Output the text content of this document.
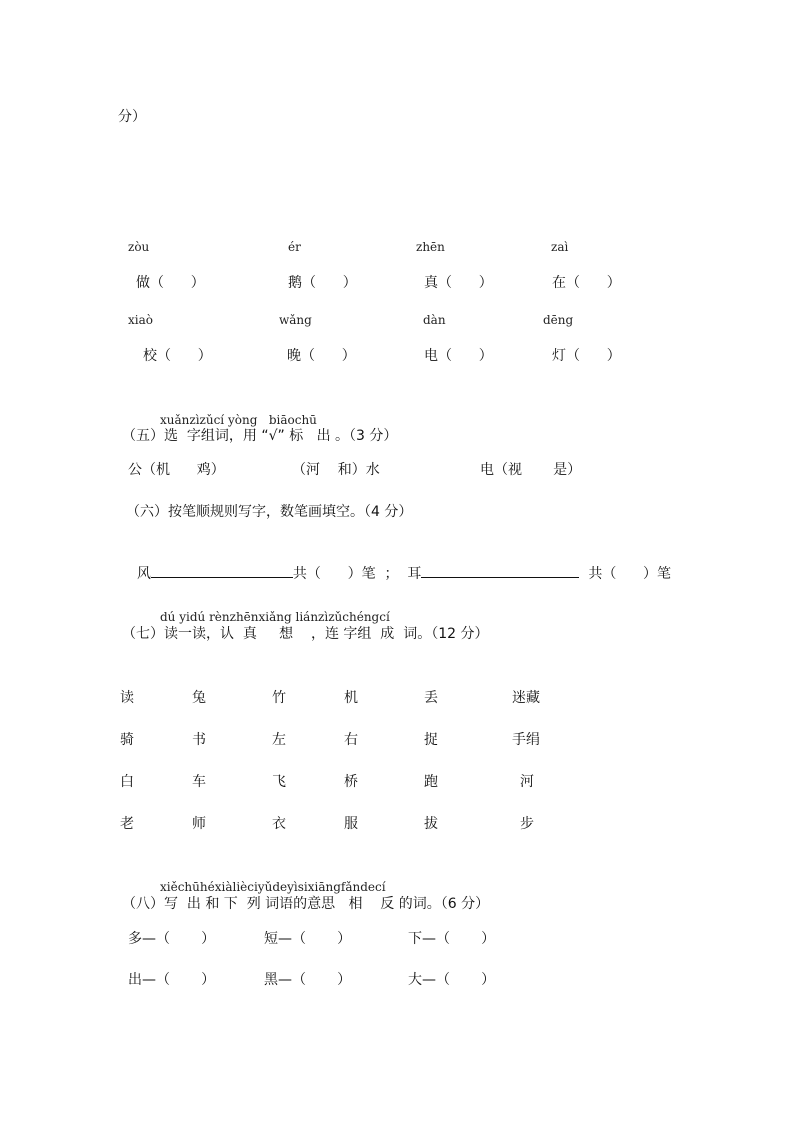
分）
zòu	ér	zhēn	zaì
做（      ）	鹅（      ）	真（      ）	在（      ）
xiaò	wǎng	dàn	dēng
校（      ）	晚（      ）	电（      ）	灯（      ）
xuǎnzìzǔcí yòng   biāochū
（五）选  字组词，用 “√” 标   出 。（3 分）
公（机      鸡）	（河    和）水	电（视       是）
（六）按笔顺规则写字，数笔画填空。（4 分）

风	共（      ）笔  ； 耳	共（      ）笔

dú yidú rènzhēnxiǎng liánzìzǔchéngcí
（七）读一读，认  真     想    ，连 字组  成  词。（12 分）
读	兔	竹	机	丢	迷藏
骑	书	左	右	捉	手绢
白	车	飞	桥	跑	河
老	师	衣	服	拔	步
xiěchūhéxiàlièciyǔdeyìsixiāngfǎndecí
（八）写  出 和 下  列 词语的意思   相    反 的词。（6 分）
多—（       ）	短—（       ）	下—（       ）
出—（       ）	黑—（       ）	大—（       ）
